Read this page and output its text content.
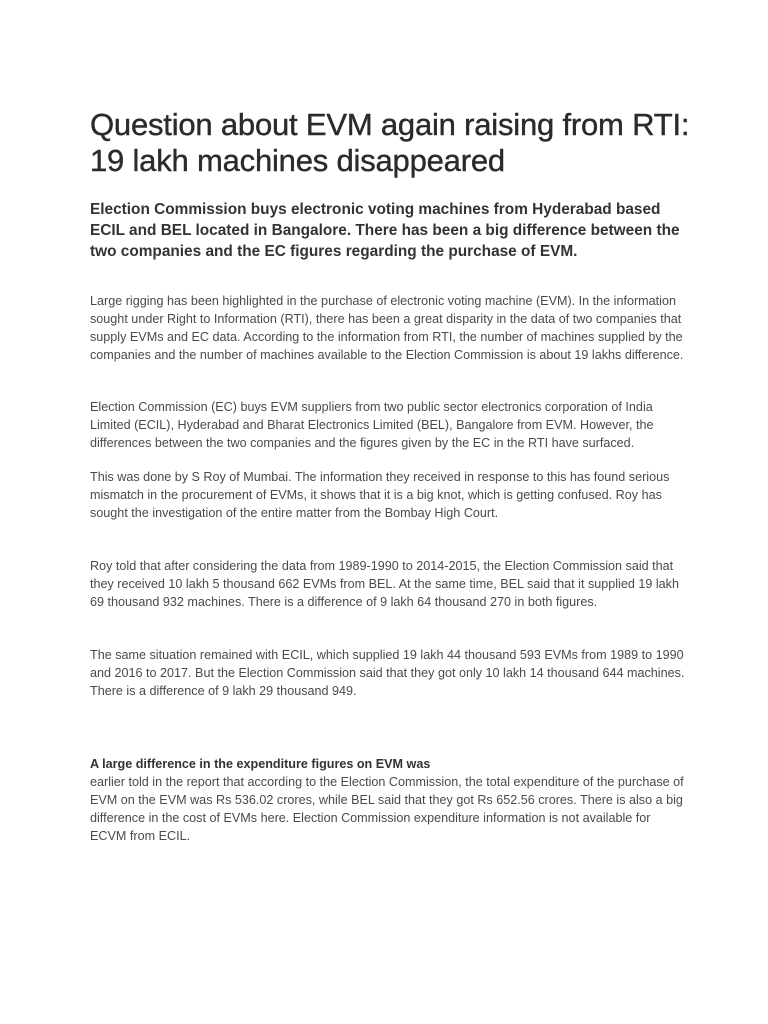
Question about EVM again raising from RTI: 19 lakh machines disappeared

Election Commission buys electronic voting machines from Hyderabad based ECIL and BEL located in Bangalore. There has been a big difference between the two companies and the EC figures regarding the purchase of EVM.

Large rigging has been highlighted in the purchase of electronic voting machine (EVM). In the information sought under Right to Information (RTI), there has been a great disparity in the data of two companies that supply EVMs and EC data. According to the information from RTI, the number of machines supplied by the companies and the number of machines available to the Election Commission is about 19 lakhs difference.

Election Commission (EC) buys EVM suppliers from two public sector electronics corporation of India Limited (ECIL), Hyderabad and Bharat Electronics Limited (BEL), Bangalore from EVM. However, the differences between the two companies and the figures given by the EC in the RTI have surfaced.

This was done by S Roy of Mumbai. The information they received in response to this has found serious mismatch in the procurement of EVMs, it shows that it is a big knot, which is getting confused. Roy has sought the investigation of the entire matter from the Bombay High Court.

Roy told that after considering the data from 1989-1990 to 2014-2015, the Election Commission said that they received 10 lakh 5 thousand 662 EVMs from BEL. At the same time, BEL said that it supplied 19 lakh 69 thousand 932 machines. There is a difference of 9 lakh 64 thousand 270 in both figures.

The same situation remained with ECIL, which supplied 19 lakh 44 thousand 593 EVMs from 1989 to 1990 and 2016 to 2017. But the Election Commission said that they got only 10 lakh 14 thousand 644 machines. There is a difference of 9 lakh 29 thousand 949.

A large difference in the expenditure figures on EVM was

earlier told in the report that according to the Election Commission, the total expenditure of the purchase of EVM on the EVM was Rs 536.02 crores, while BEL said that they got Rs 652.56 crores. There is also a big difference in the cost of EVMs here. Election Commission expenditure information is not available for ECVM from ECIL.
